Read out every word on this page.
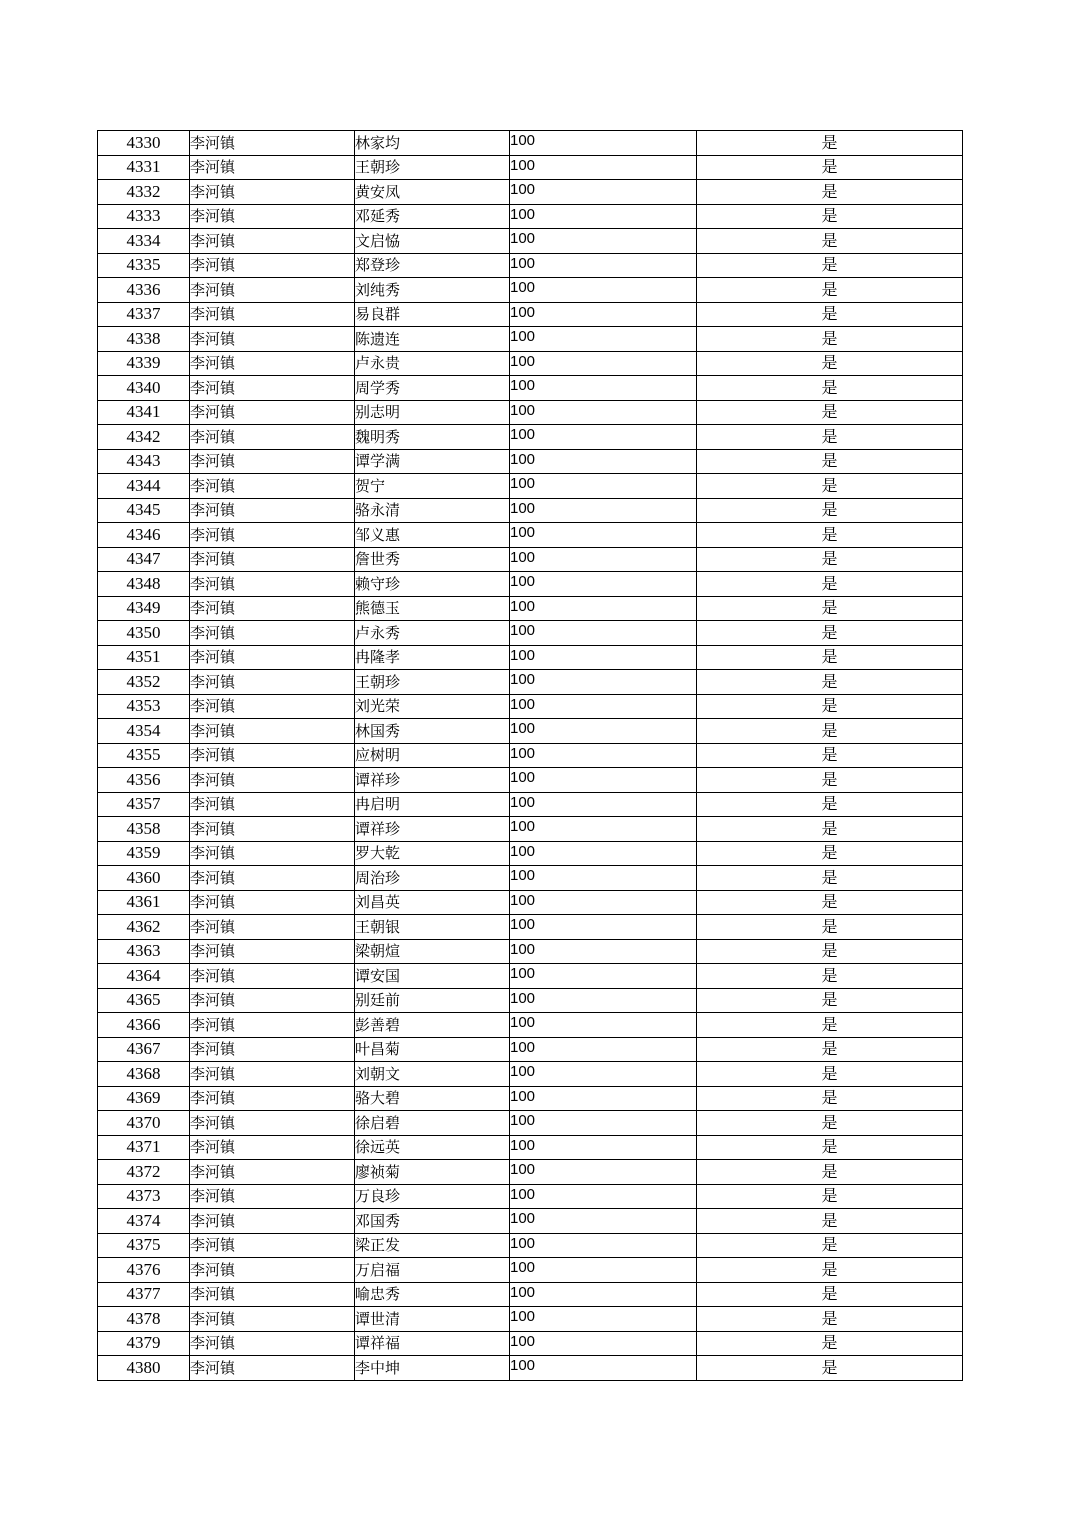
4330	李河镇	林家均	100	是
4331	李河镇	王朝珍	100	是
4332	李河镇	黄安凤	100	是
4333	李河镇	邓延秀	100	是
4334	李河镇	文启恊	100	是
4335	李河镇	郑登珍	100	是
4336	李河镇	刘纯秀	100	是
4337	李河镇	易良群	100	是
4338	李河镇	陈遗连	100	是
4339	李河镇	卢永贵	100	是
4340	李河镇	周学秀	100	是
4341	李河镇	别志明	100	是
4342	李河镇	魏明秀	100	是
4343	李河镇	谭学满	100	是
4344	李河镇	贺宁	100	是
4345	李河镇	骆永清	100	是
4346	李河镇	邹义惠	100	是
4347	李河镇	詹世秀	100	是
4348	李河镇	赖守珍	100	是
4349	李河镇	熊德玉	100	是
4350	李河镇	卢永秀	100	是
4351	李河镇	冉隆孝	100	是
4352	李河镇	王朝珍	100	是
4353	李河镇	刘光荣	100	是
4354	李河镇	林国秀	100	是
4355	李河镇	应树明	100	是
4356	李河镇	谭祥珍	100	是
4357	李河镇	冉启明	100	是
4358	李河镇	谭祥珍	100	是
4359	李河镇	罗大乾	100	是
4360	李河镇	周治珍	100	是
4361	李河镇	刘昌英	100	是
4362	李河镇	王朝银	100	是
4363	李河镇	梁朝煊	100	是
4364	李河镇	谭安国	100	是
4365	李河镇	别廷前	100	是
4366	李河镇	彭善碧	100	是
4367	李河镇	叶昌菊	100	是
4368	李河镇	刘朝文	100	是
4369	李河镇	骆大碧	100	是
4370	李河镇	徐启碧	100	是
4371	李河镇	徐远英	100	是
4372	李河镇	廖祯菊	100	是
4373	李河镇	万良珍	100	是
4374	李河镇	邓国秀	100	是
4375	李河镇	梁正发	100	是
4376	李河镇	万启福	100	是
4377	李河镇	喻忠秀	100	是
4378	李河镇	谭世清	100	是
4379	李河镇	谭祥福	100	是
4380	李河镇	李中坤	100	是
